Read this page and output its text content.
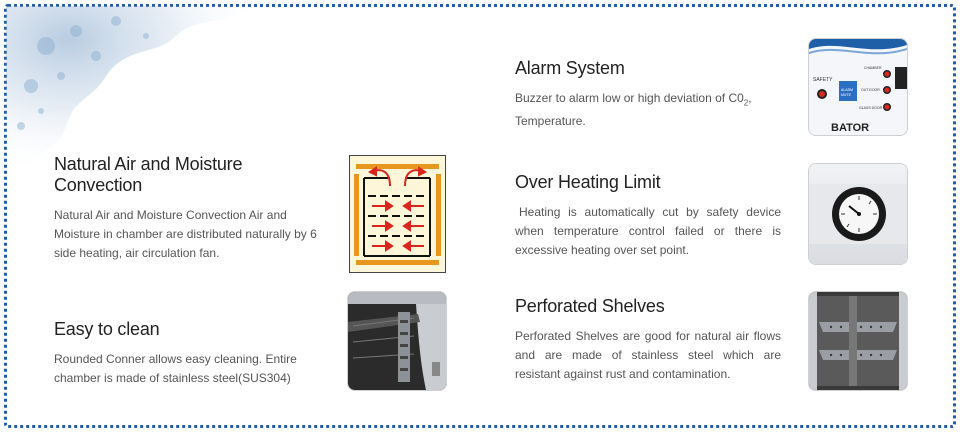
Alarm System

Buzzer to alarm low or high deviation of $C0_2$,
Temperature.

SAFETY
ALARM
MUTE
CHAMBER
OUT DOOR
GLASS DOOR
BATOR

Natural Air and Moisture Convection

Natural Air and Moisture Convection Air and Moisture in chamber are distributed naturally by 6 side heating, air circulation fan.

Over Heating Limit

Heating is automatically cut by safety device when temperature control failed or there is excessive heating over set point.

Easy to clean

Rounded Conner allows easy cleaning. Entire chamber is made of stainless steel(SUS304)

Perforated Shelves

Perforated Shelves are good for natural air flows and are made of stainless steel which are resistant against rust and contamination.
